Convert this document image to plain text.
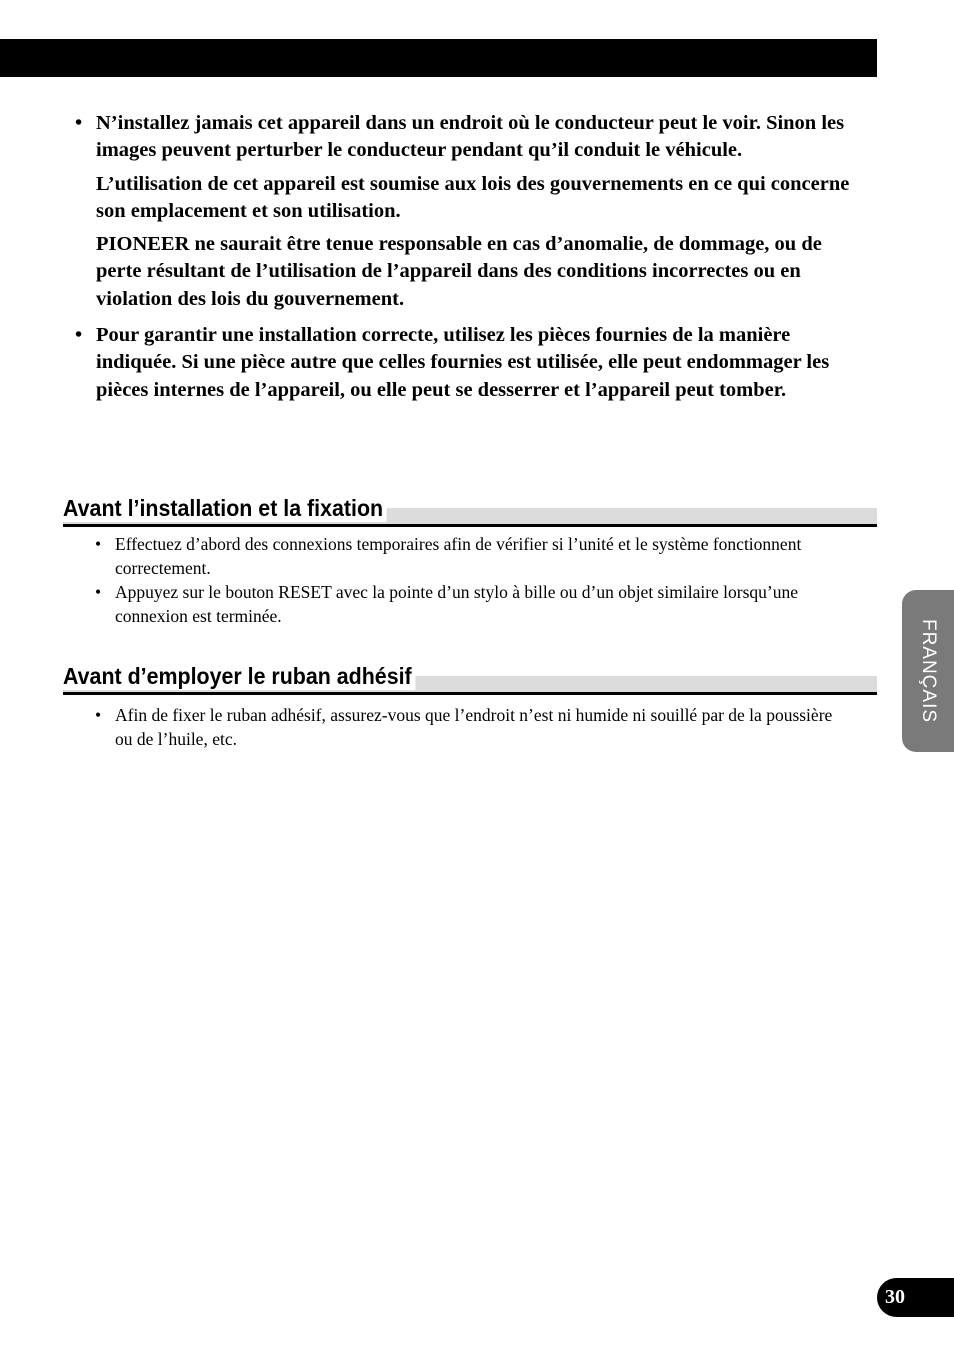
• N’installez jamais cet appareil dans un endroit où le conducteur peut le voir. Sinon les images peuvent perturber le conducteur pendant qu’il conduit le véhicule.

L’utilisation de cet appareil est soumise aux lois des gouvernements en ce qui concerne son emplacement et son utilisation.

PIONEER ne saurait être tenue responsable en cas d’anomalie, de dommage, ou de perte résultant de l’utilisation de l’appareil dans des conditions incorrectes ou en violation des lois du gouvernement.

• Pour garantir une installation correcte, utilisez les pièces fournies de la manière indiquée. Si une pièce autre que celles fournies est utilisée, elle peut endommager les pièces internes de l’appareil, ou elle peut se desserrer et l’appareil peut tomber.

Avant l’installation et la fixation
• Effectuez d’abord des connexions temporaires afin de vérifier si l’unité et le système fonctionnent correctement.
• Appuyez sur le bouton RESET avec la pointe d’un stylo à bille ou d’un objet similaire lorsqu’une connexion est terminée.
Avant d’employer le ruban adhésif
• Afin de fixer le ruban adhésif, assurez-vous que l’endroit n’est ni humide ni souillé par de la poussière ou de l’huile, etc.
FRANÇAIS
30
